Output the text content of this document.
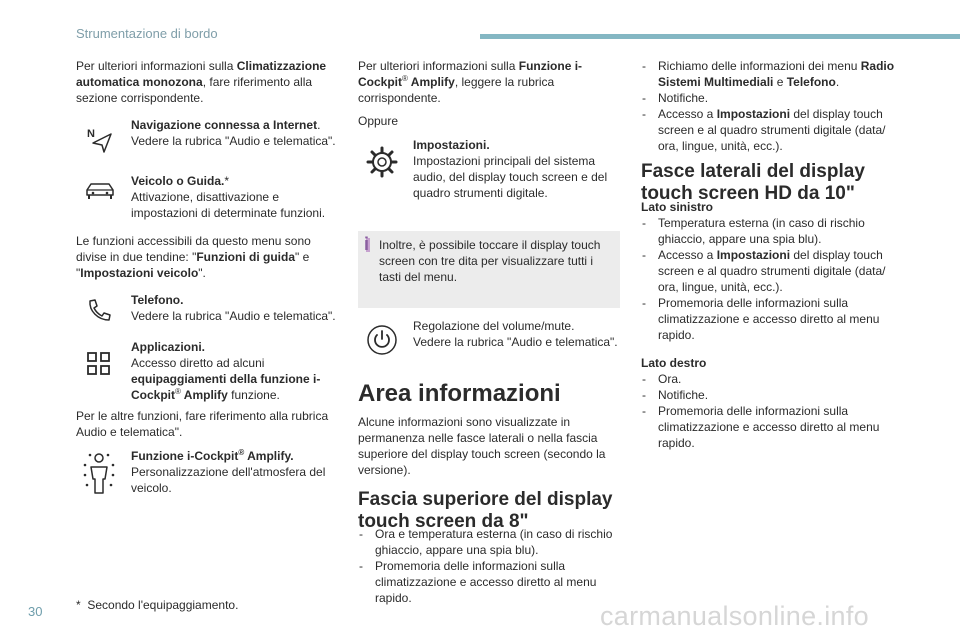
Strumentazione di bordo
Per ulteriori informazioni sulla Climatizzazione automatica monozona, fare riferimento alla sezione corrispondente.
N
Navigazione connessa a Internet.
Vedere la rubrica "Audio e telematica".
Veicolo o Guida.*
Attivazione, disattivazione e impostazioni di determinate funzioni.
Le funzioni accessibili da questo menu sono divise in due tendine: "Funzioni di guida" e "Impostazioni veicolo".
Telefono.
Vedere la rubrica "Audio e telematica".
Applicazioni.
Accesso diretto ad alcuni equipaggiamenti della funzione i-Cockpit® Amplify funzione.
Per le altre funzioni, fare riferimento alla rubrica Audio e telematica".
Funzione i-Cockpit® Amplify.
Personalizzazione dell'atmosfera del veicolo.
* Secondo l'equipaggiamento.
Per ulteriori informazioni sulla Funzione i-Cockpit® Amplify, leggere la rubrica corrispondente.
Oppure
Impostazioni.
Impostazioni principali del sistema audio, del display touch screen e del quadro strumenti digitale.
Inoltre, è possibile toccare il display touch screen con tre dita per visualizzare tutti i tasti del menu.
i
Regolazione del volume/mute.
Vedere la rubrica "Audio e telematica".
Area informazioni
Alcune informazioni sono visualizzate in permanenza nelle fasce laterali o nella fascia superiore del display touch screen (secondo la versione).
Fascia superiore del display touch screen da 8"
- Ora e temperatura esterna (in caso di rischio ghiaccio, appare una spia blu).
- Promemoria delle informazioni sulla climatizzazione e accesso diretto al menu rapido.
- Richiamo delle informazioni dei menu Radio Sistemi Multimediali e Telefono.
- Notifiche.
- Accesso a Impostazioni del display touch screen e al quadro strumenti digitale (data/ ora, lingue, unità, ecc.).
Fasce laterali del display touch screen HD da 10"
Lato sinistro
- Temperatura esterna (in caso di rischio ghiaccio, appare una spia blu).
- Accesso a Impostazioni del display touch screen e al quadro strumenti digitale (data/ ora, lingue, unità, ecc.).
- Promemoria delle informazioni sulla climatizzazione e accesso diretto al menu rapido.
Lato destro
- Ora.
- Notifiche.
- Promemoria delle informazioni sulla climatizzazione e accesso diretto al menu rapido.
30	carmanualsonline.info
